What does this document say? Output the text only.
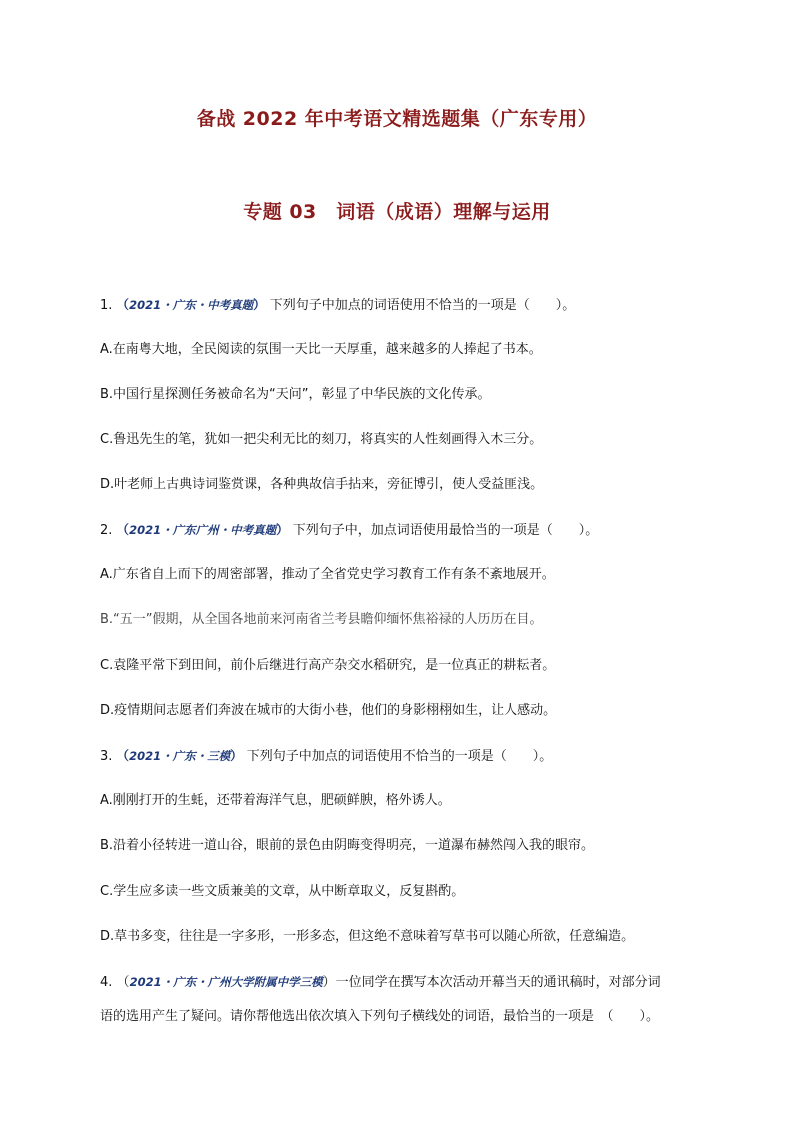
备战 2022 年中考语文精选题集（广东专用）
专题 03　词语（成语）理解与运用
1. （2021・广东・中考真题） 下列句子中加点的词语使用不恰当的一项是（　　）。
A.在南粤大地，全民阅读的氛围一天比一天厚重，越来越多的人捧起了书本。
B.中国行星探测任务被命名为“天问”，彰显了中华民族的文化传承。
C.鲁迅先生的笔，犹如一把尖利无比的刻刀，将真实的人性刻画得入木三分。
D.叶老师上古典诗词鉴赏课，各种典故信手拈来，旁征博引，使人受益匪浅。
2. （2021・广东广州・中考真题） 下列句子中，加点词语使用最恰当的一项是（　　）。
A.广东省自上而下的周密部署，推动了全省党史学习教育工作有条不紊地展开。
B.“五一”假期，从全国各地前来河南省兰考县瞻仰缅怀焦裕禄的人历历在目。
C.袁隆平常下到田间，前仆后继进行高产杂交水稻研究，是一位真正的耕耘者。
D.疫情期间志愿者们奔波在城市的大街小巷，他们的身影栩栩如生，让人感动。
3. （2021・广东・三模） 下列句子中加点的词语使用不恰当的一项是（　　）。
A.刚刚打开的生蚝，还带着海洋气息，肥硕鲜腴，格外诱人。
B.沿着小径转进一道山谷，眼前的景色由阴晦变得明亮，一道瀑布赫然闯入我的眼帘。
C.学生应多读一些文质兼美的文章，从中断章取义，反复斟酌。
D.草书多变，往往是一字多形，一形多态，但这绝不意味着写草书可以随心所欲，任意编造。
4. （2021・广东・广州大学附属中学三模）一位同学在撰写本次活动开幕当天的通讯稿时，对部分词
语的选用产生了疑问。请你帮他选出依次填入下列句子横线处的词语，最恰当的一项是　（　　）。
